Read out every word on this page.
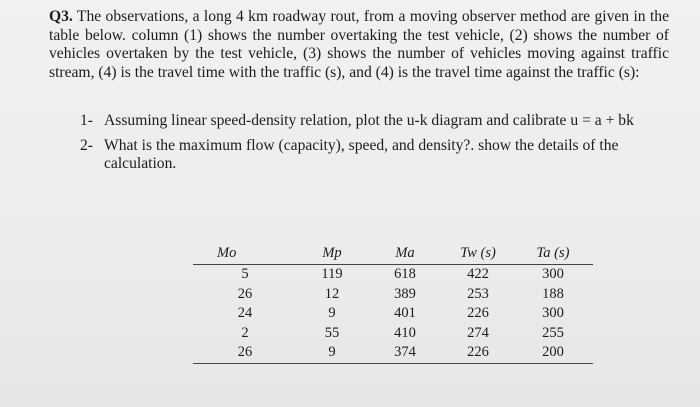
Q3. The observations, a long 4 km roadway rout, from a moving observer method are given in the table below. column (1) shows the number overtaking the test vehicle, (2) shows the number of vehicles overtaken by the test vehicle, (3) shows the number of vehicles moving against traffic stream, (4) is the travel time with the traffic (s), and (4) is the travel time against the traffic (s):
1- Assuming linear speed-density relation, plot the u-k diagram and calibrate u = a + bk
2- What is the maximum flow (capacity), speed, and density?. show the details of the calculation.
Mo	Mp	Ma	Tw (s)	Ta (s)
5	119	618	422	300
26	12	389	253	188
24	9	401	226	300
2	55	410	274	255
26	9	374	226	200
